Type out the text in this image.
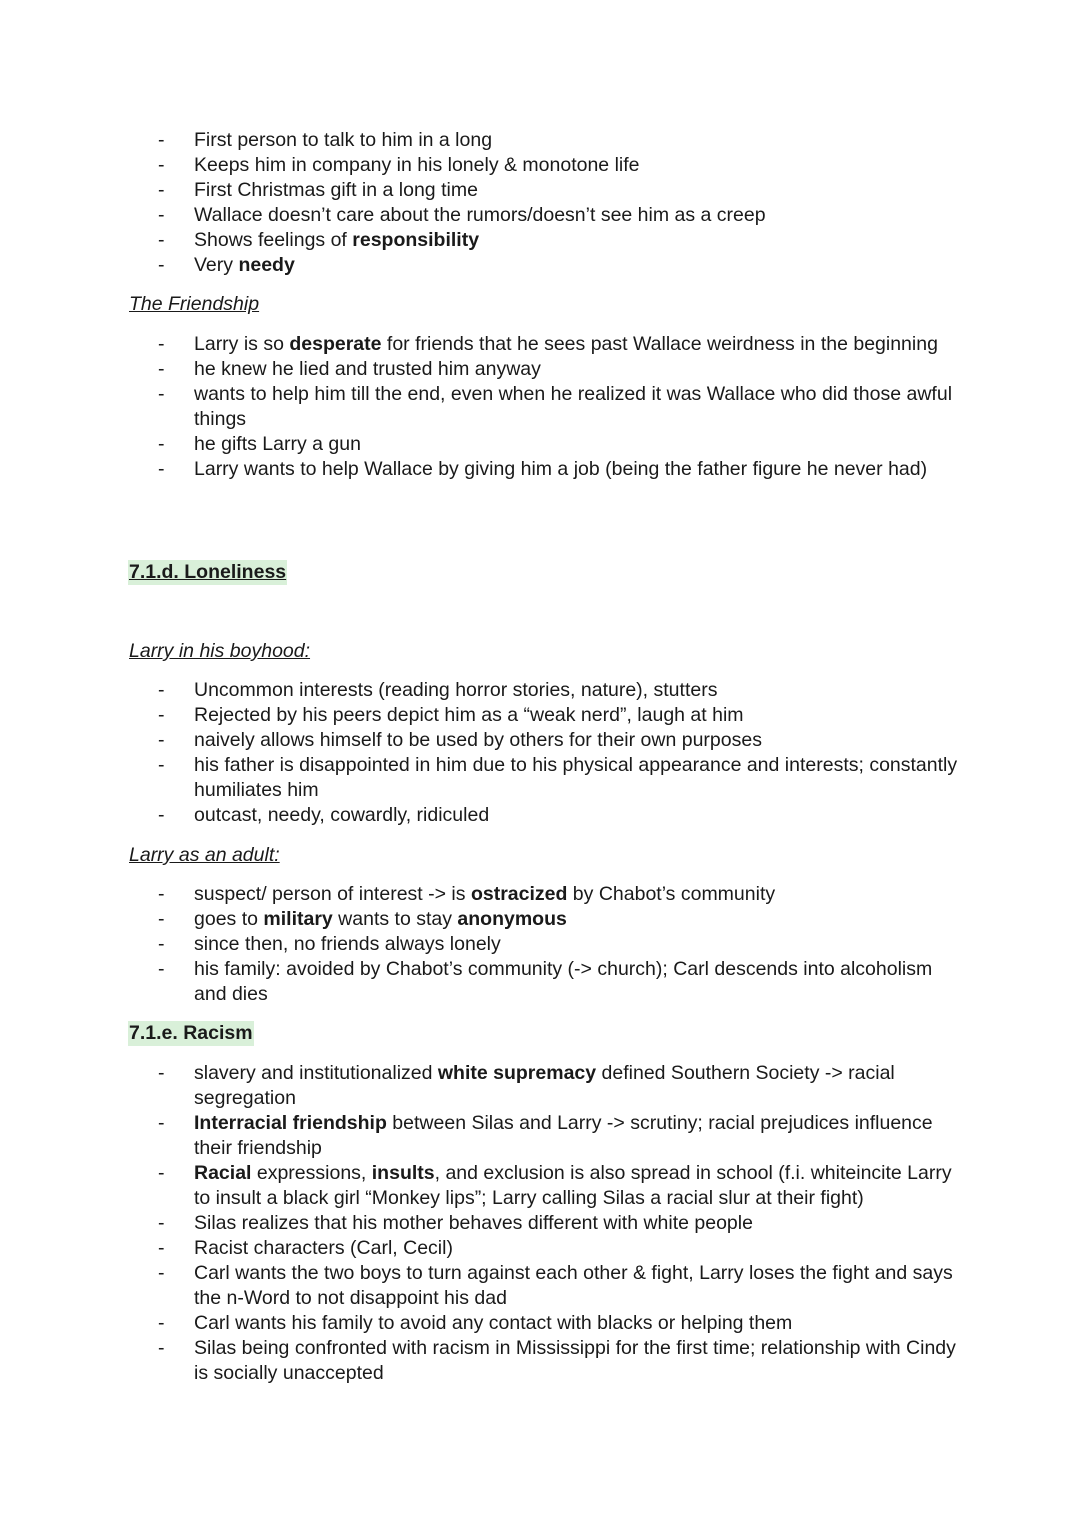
- First person to talk to him in a long
- Keeps him in company in his lonely & monotone life
- First Christmas gift in a long time
- Wallace doesn’t care about the rumors/doesn’t see him as a creep
- Shows feelings of responsibility
- Very needy
The Friendship
- Larry is so desperate for friends that he sees past Wallace weirdness in the beginning
- he knew he lied and trusted him anyway
- wants to help him till the end, even when he realized it was Wallace who did those awful things
- he gifts Larry a gun
- Larry wants to help Wallace by giving him a job (being the father figure he never had)
7.1.d. Loneliness
Larry in his boyhood:
- Uncommon interests (reading horror stories, nature), stutters
- Rejected by his peers depict him as a “weak nerd”, laugh at him
- naively allows himself to be used by others for their own purposes
- his father is disappointed in him due to his physical appearance and interests; constantly humiliates him
- outcast, needy, cowardly, ridiculed
Larry as an adult:
- suspect/ person of interest -> is ostracized by Chabot’s community
- goes to military wants to stay anonymous
- since then, no friends always lonely
- his family: avoided by Chabot’s community (-> church); Carl descends into alcoholism and dies
7.1.e. Racism
- slavery and institutionalized white supremacy defined Southern Society -> racial segregation
- Interracial friendship between Silas and Larry -> scrutiny; racial prejudices influence their friendship
- Racial expressions, insults, and exclusion is also spread in school (f.i. whiteincite Larry to insult a black girl “Monkey lips”; Larry calling Silas a racial slur at their fight)
- Silas realizes that his mother behaves different with white people
- Racist characters (Carl, Cecil)
- Carl wants the two boys to turn against each other & fight, Larry loses the fight and says the n-Word to not disappoint his dad
- Carl wants his family to avoid any contact with blacks or helping them
- Silas being confronted with racism in Mississippi for the first time; relationship with Cindy is socially unaccepted
